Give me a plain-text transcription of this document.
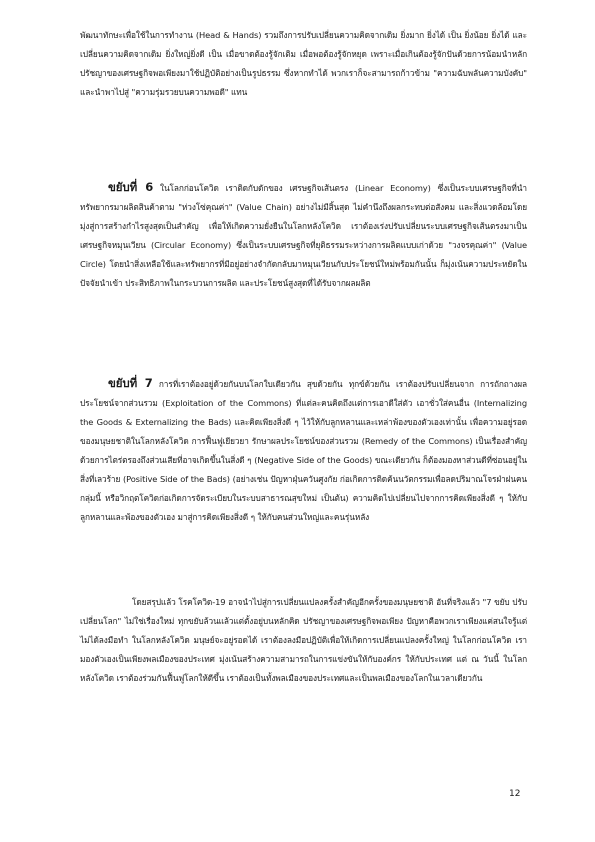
พัฒนาทักษะเพื่อใช้ในการทำงาน (Head & Hands) รวมถึงการปรับเปลี่ยนความคิดจากเดิม ยิ่งมาก ยิ่งได้ เป็น ยิ่งน้อย ยิ่งได้ และเปลี่ยนความคิดจากเดิม ยิ่งใหญ่ยิ่งดี เป็น เมื่อขาดต้องรู้จักเติม เมื่อพอต้องรู้จักหยุด เพราะเมื่อเกินต้องรู้จักปันด้วยการน้อมนำหลักปรัชญาของเศรษฐกิจพอเพียงมาใช้ปฏิบัติอย่างเป็นรูปธรรม ซึ่งหากทำได้ พวกเราก็จะสามารถก้าวข้าม "ความฉับพลันความบังคับ" และนำพาไปสู่ "ความรุ่มรวยบนความพอดี" แทน

ขยับที่ 6 ในโลกก่อนโควิด เราติดกับดักของ เศรษฐกิจเส้นตรง (Linear Economy) ซึ่งเป็นระบบเศรษฐกิจที่นำทรัพยากรมาผลิตสินค้าตาม "ห่วงโซ่คุณค่า" (Value Chain) อย่างไม่มีสิ้นสุด ไม่คำนึงถึงผลกระทบต่อสังคม และสิ่งแวดล้อมโดยมุ่งสู่การสร้างกำไรสูงสุดเป็นสำคัญ เพื่อให้เกิดความยั่งยืนในโลกหลังโควิด เราต้องเร่งปรับเปลี่ยนระบบเศรษฐกิจเส้นตรงมาเป็น เศรษฐกิจหมุนเวียน (Circular Economy) ซึ่งเป็นระบบเศรษฐกิจที่ยุติธรรมระหว่างการผลิตแบบเก่าด้วย "วงจรคุณค่า" (Value Circle) โดยนำสิ่งเหลือใช้และทรัพยากรที่มีอยู่อย่างจำกัดกลับมาหมุนเวียนกับประโยชน์ใหม่พร้อมกันนั้น ก็มุ่งเน้นความประหยัดในปัจจัยนำเข้า ประสิทธิภาพในกระบวนการผลิต และประโยชน์สูงสุดที่ได้รับจากผลผลิต

ขยับที่ 7 การที่เราต้องอยู่ด้วยกันบนโลกใบเดียวกัน สุขด้วยกัน ทุกข์ด้วยกัน เราต้องปรับเปลี่ยนจาก การถักถางผลประโยชน์จากส่วนรวม (Exploitation of the Commons) ที่แต่ละคนคิดถึงแต่การเอาดีใส่ตัว เอาชั่วใส่คนอื่น (Internalizing the Goods & Externalizing the Bads) และคิดเพียงสิ่งดี ๆ ไว้ให้กับลูกหลานและเหล่าพ้องของตัวเองเท่านั้น เพื่อความอยู่รอดของมนุษยชาติในโลกหลังโควิด การฟื้นฟูเยียวยา รักษาผลประโยชน์ของส่วนรวม (Remedy of the Commons) เป็นเรื่องสำคัญ ด้วยการไตร่ตรองถึงส่วนเสียที่อาจเกิดขึ้นในสิ่งดี ๆ (Negative Side of the Goods) ขณะเดียวกัน ก็ต้องมองหาส่วนดีที่ซ่อนอยู่ในสิ่งที่เลวร้าย (Positive Side of the Bads) (อย่างเช่น ปัญหาฝุ่นควันศูงกัย ก่อเกิดการติดค้นนวัตกรรมเพื่อลดปริมาณโจรฝ่าฝนคนกลุ่มนี้ หรือวิกฤตโควิดก่อเกิดการจัดระเบียบในระบบสาธารณสุขใหม่ เป็นต้น) ความคิดไปเปลี่ยนไปจากการคิดเพียงสิ่งดี ๆ ให้กับลูกหลานและพ้องของตัวเอง มาสู่การคิดเพียงสิ่งดี ๆ ให้กับคนส่วนใหญ่และคนรุ่นหลัง

โดยสรุปแล้ว โรคโควิด-19 อาจนำไปสู่การเปลี่ยนแปลงครั้งสำคัญอีกครั้งของมนุษยชาติ อันที่จริงแล้ว "7 ขยับ ปรับเปลี่ยนโลก" ไม่ใช่เรื่องใหม่ ทุกขยับล้วนแล้วแต่ตั้งอยู่บนหลักคิด ปรัชญาของเศรษฐกิจพอเพียง ปัญหาคือพวกเราเพียงแค่สนใจรู้แต่ไม่ได้ลงมือทำ ในโลกหลังโควิด มนุษย์จะอยู่รอดได้ เราต้องลงมือปฏิบัติเพื่อให้เกิดการเปลี่ยนแปลงครั้งใหญ่ ในโลกก่อนโควิด เรามองตัวเองเป็นเพียงพลเมืองของประเทศ มุ่งเน้นสร้างความสามารถในการแข่งขันให้กับองค์กร ให้กับประเทศ แต่ ณ วันนี้ ในโลกหลังโควิด เราต้องร่วมกันฟื้นฟูโลกให้ดีขึ้น เราต้องเป็นทั้งพลเมืองของประเทศและเป็นพลเมืองของโลกในเวลาเดียวกัน

12
